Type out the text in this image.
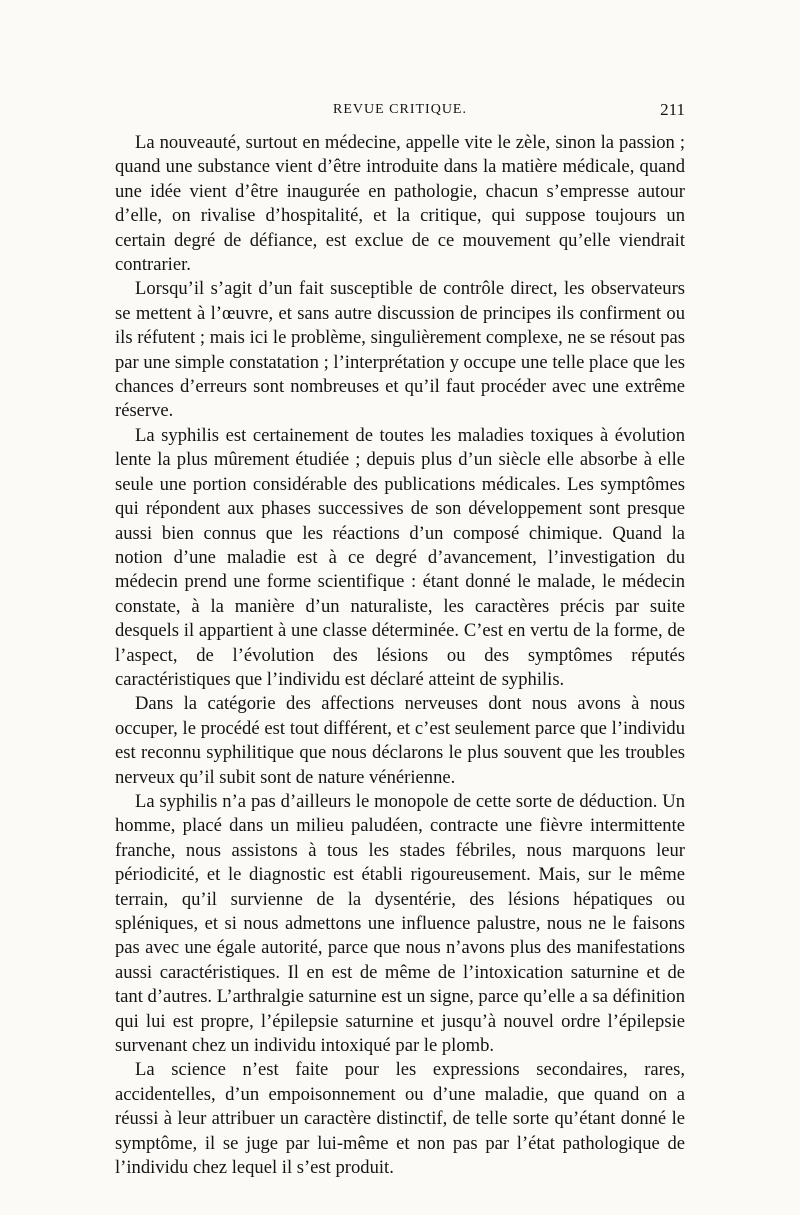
REVUE CRITIQUE.	211

La nouveauté, surtout en médecine, appelle vite le zèle, sinon la passion ; quand une substance vient d’être introduite dans la matière médicale, quand une idée vient d’être inaugurée en pathologie, chacun s’empresse autour d’elle, on rivalise d’hospitalité, et la critique, qui suppose toujours un certain degré de défiance, est exclue de ce mouvement qu’elle viendrait contrarier.

Lorsqu’il s’agit d’un fait susceptible de contrôle direct, les observateurs se mettent à l’œuvre, et sans autre discussion de principes ils confirment ou ils réfutent ; mais ici le problème, singulièrement complexe, ne se résout pas par une simple constatation ; l’interprétation y occupe une telle place que les chances d’erreurs sont nombreuses et qu’il faut procéder avec une extrême réserve.

La syphilis est certainement de toutes les maladies toxiques à évolution lente la plus mûrement étudiée ; depuis plus d’un siècle elle absorbe à elle seule une portion considérable des publications médicales. Les symptômes qui répondent aux phases successives de son développement sont presque aussi bien connus que les réactions d’un composé chimique. Quand la notion d’une maladie est à ce degré d’avancement, l’investigation du médecin prend une forme scientifique : étant donné le malade, le médecin constate, à la manière d’un naturaliste, les caractères précis par suite desquels il appartient à une classe déterminée. C’est en vertu de la forme, de l’aspect, de l’évolution des lésions ou des symptômes réputés caractéristiques que l’individu est déclaré atteint de syphilis.

Dans la catégorie des affections nerveuses dont nous avons à nous occuper, le procédé est tout différent, et c’est seulement parce que l’individu est reconnu syphilitique que nous déclarons le plus souvent que les troubles nerveux qu’il subit sont de nature vénérienne.

La syphilis n’a pas d’ailleurs le monopole de cette sorte de déduction. Un homme, placé dans un milieu paludéen, contracte une fièvre intermittente franche, nous assistons à tous les stades fébriles, nous marquons leur périodicité, et le diagnostic est établi rigoureusement. Mais, sur le même terrain, qu’il survienne de la dysentérie, des lésions hépatiques ou spléniques, et si nous admettons une influence palustre, nous ne le faisons pas avec une égale autorité, parce que nous n’avons plus des manifestations aussi caractéristiques. Il en est de même de l’intoxication saturnine et de tant d’autres. L’arthralgie saturnine est un signe, parce qu’elle a sa définition qui lui est propre, l’épilepsie saturnine et jusqu’à nouvel ordre l’épilepsie survenant chez un individu intoxiqué par le plomb.

La science n’est faite pour les expressions secondaires, rares, accidentelles, d’un empoisonnement ou d’une maladie, que quand on a réussi à leur attribuer un caractère distinctif, de telle sorte qu’étant donné le symptôme, il se juge par lui-même et non pas par l’état pathologique de l’individu chez lequel il s’est produit.
